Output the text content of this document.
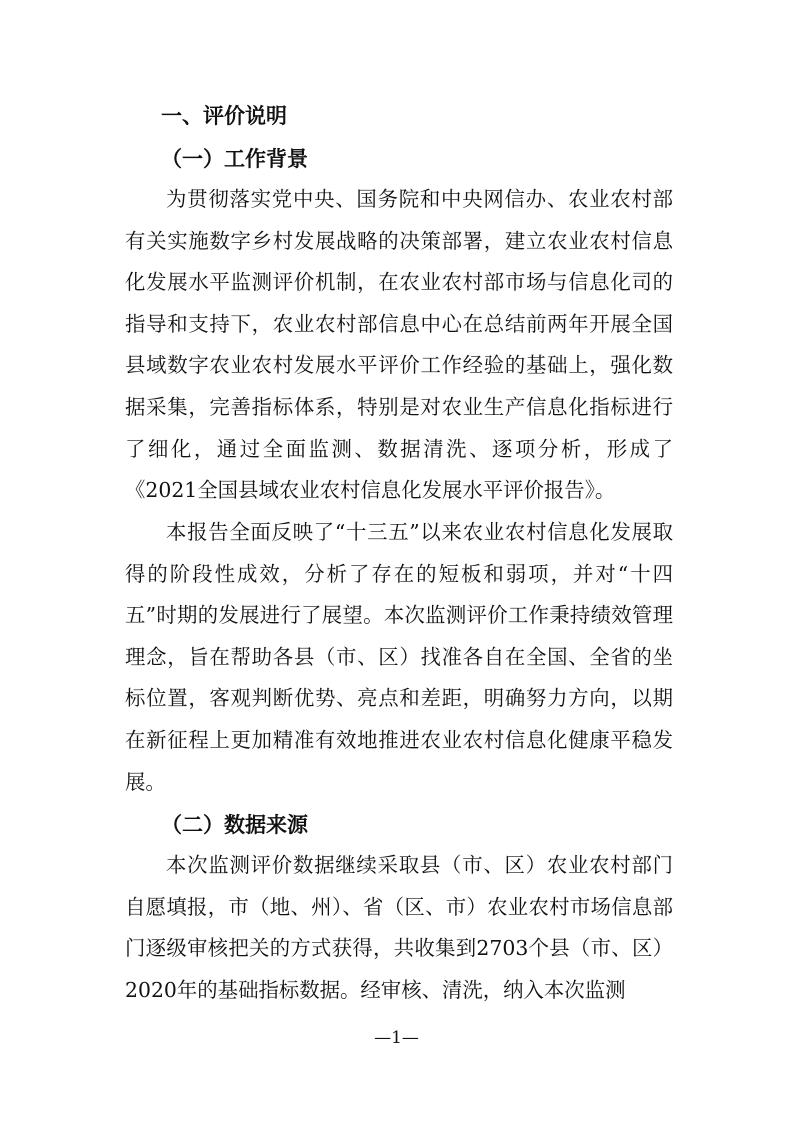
一、评价说明
（一）工作背景

为贯彻落实党中央、国务院和中央网信办、农业农村部有关实施数字乡村发展战略的决策部署，建立农业农村信息化发展水平监测评价机制，在农业农村部市场与信息化司的指导和支持下，农业农村部信息中心在总结前两年开展全国县域数字农业农村发展水平评价工作经验的基础上，强化数据采集，完善指标体系，特别是对农业生产信息化指标进行了细化，通过全面监测、数据清洗、逐项分析，形成了《2021全国县域农业农村信息化发展水平评价报告》。

本报告全面反映了“十三五”以来农业农村信息化发展取得的阶段性成效，分析了存在的短板和弱项，并对“十四五”时期的发展进行了展望。本次监测评价工作秉持绩效管理理念，旨在帮助各县（市、区）找准各自在全国、全省的坐标位置，客观判断优势、亮点和差距，明确努力方向，以期在新征程上更加精准有效地推进农业农村信息化健康平稳发展。

（二）数据来源

本次监测评价数据继续采取县（市、区）农业农村部门自愿填报，市（地、州）、省（区、市）农业农村市场信息部门逐级审核把关的方式获得，共收集到2703个县（市、区）2020年的基础指标数据。经审核、清洗，纳入本次监测

—1—
